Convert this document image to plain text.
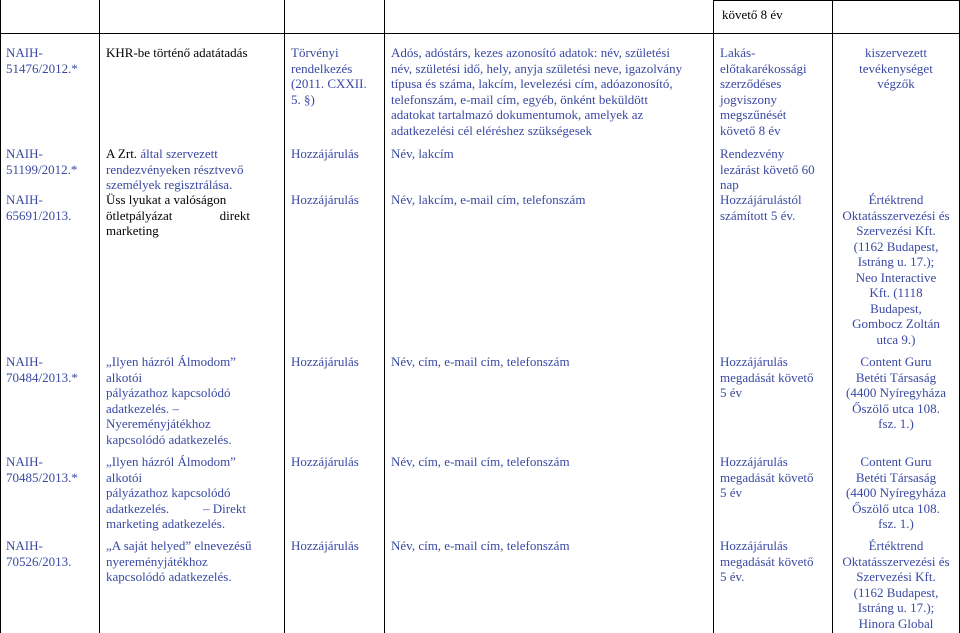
követő 8 év
NAIH-
51476/2012.*
NAIH-
51199/2012.*
NAIH-
65691/2013.
NAIH-
70484/2013.*
NAIH-
70485/2013.*
NAIH-
70526/2013.
KHR-be történő adatátadás
A Zrt. által szervezett
rendezvényeken résztvevő
személyek regisztrálása.
Üss lyukat a valóságon
ötletpályázat	direkt
marketing
„Ilyen házról Álmodom”
alkotói
pályázathoz kapcsolódó
adatkezelés. –
Nyereményjátékhoz
kapcsolódó adatkezelés.
„Ilyen házról Álmodom”
alkotói
pályázathoz kapcsolódó
adatkezelés.	– Direkt
marketing adatkezelés.
„A saját helyed” elnevezésű
nyereményjátékhoz
kapcsolódó adatkezelés.
Törvényi
rendelkezés
(2011. CXXII.
5. §)
Hozzájárulás
Hozzájárulás
Hozzájárulás
Hozzájárulás
Hozzájárulás
Adós, adóstárs, kezes azonosító adatok: név, születési
név, születési idő, hely, anyja születési neve, igazolvány
típusa és száma, lakcím, levelezési cím, adóazonosító,
telefonszám, e-mail cím, egyéb, önként beküldött
adatokat tartalmazó dokumentumok, amelyek az
adatkezelési cél eléréshez szükségesek
Név, lakcím
Név, lakcím, e-mail cím, telefonszám
Név, cím, e-mail cím, telefonszám
Név, cím, e-mail cím, telefonszám
Név, cím, e-mail cím, telefonszám
Lakás-
előtakarékossági
szerződéses
jogviszony
megszűnését
követő 8 év
Rendezvény
lezárást követő 60
nap
Hozzájárulástól
számított 5 év.
Hozzájárulás
megadását követő
5 év
Hozzájárulás
megadását követő
5 év
Hozzájárulás
megadását követő
5 év.
kiszervezett
tevékenységet
végzők
Értéktrend
Oktatásszervezési és
Szervezési Kft.
(1162 Budapest,
Istráng u. 17.);
Neo Interactive
Kft. (1118
Budapest,
Gombocz Zoltán
utca 9.)
Content Guru
Betéti Társaság
(4400 Nyíregyháza
Őszölő utca 108.
fsz. 1.)
Content Guru
Betéti Társaság
(4400 Nyíregyháza
Őszölő utca 108.
fsz. 1.)
Értéktrend
Oktatásszervezési és
Szervezési Kft.
(1162 Budapest,
Istráng u. 17.);
Hinora Global
